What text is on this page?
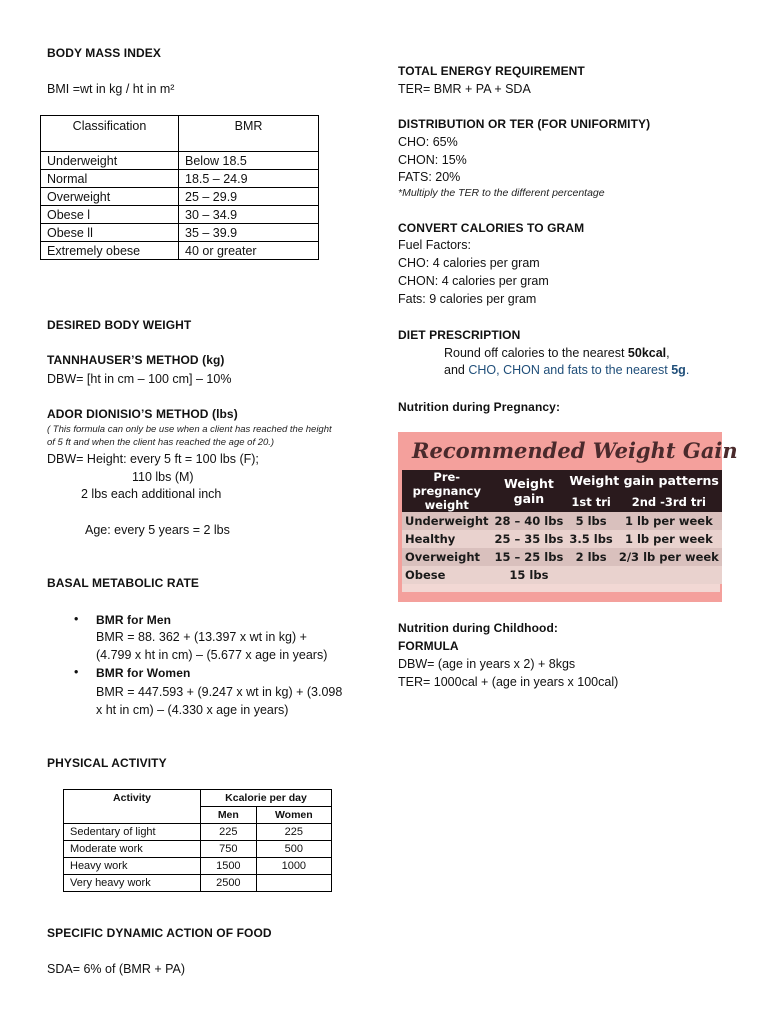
BODY MASS INDEX
BMI =wt in kg / ht in m²
Classification	BMR
Underweight	Below 18.5
Normal	18.5 – 24.9
Overweight	25 – 29.9
Obese l	30 – 34.9
Obese ll	35 – 39.9
Extremely obese	40 or greater
DESIRED BODY WEIGHT
TANNHAUSER’S METHOD (kg)
DBW= [ht in cm – 100 cm] – 10%
ADOR DIONISIO’S METHOD (lbs)
( This formula can only be use when a client has reached the height
of 5 ft and when the client has reached the age of 20.)
DBW= Height: every 5 ft = 100 lbs (F);
110 lbs (M)
2 lbs each additional inch
Age: every 5 years = 2 lbs
BASAL METABOLIC RATE
• BMR for Men
BMR = 88. 362 + (13.397 x wt in kg) +
(4.799 x ht in cm) – (5.677 x age in years)
• BMR for Women
BMR = 447.593 + (9.247 x wt in kg) + (3.098
x ht in cm) – (4.330 x age in years)
PHYSICAL ACTIVITY
Activity	Kcalorie per day	
	Men	Women
Sedentary of light	225	225
Moderate work	750	500
Heavy work	1500	1000
Very heavy work	2500	
SPECIFIC DYNAMIC ACTION OF FOOD
SDA= 6% of (BMR + PA)
TOTAL ENERGY REQUIREMENT
TER= BMR + PA + SDA
DISTRIBUTION OR TER (FOR UNIFORMITY)
CHO: 65%
CHON: 15%
FATS: 20%
*Multiply the TER to the different percentage
CONVERT CALORIES TO GRAM
Fuel Factors:
CHO: 4 calories per gram
CHON: 4 calories per gram
Fats: 9 calories per gram
DIET PRESCRIPTION
Round off calories to the nearest 50kcal,
and CHO, CHON and fats to the nearest 5g.
Nutrition during Pregnancy:
Recommended Weight Gain
Pre-
pregnancy
weight	Weight
gain	Weight gain patterns	
		1st tri	2nd -3rd tri
Underweight	28 – 40 lbs	5 lbs	1 lb per week
Healthy	25 – 35 lbs	3.5 lbs	1 lb per week
Overweight	15 – 25 lbs	2 lbs	2/3 lb per week
Obese	15 lbs		
Nutrition during Childhood:
FORMULA
DBW= (age in years x 2) + 8kgs
TER= 1000cal + (age in years x 100cal)
